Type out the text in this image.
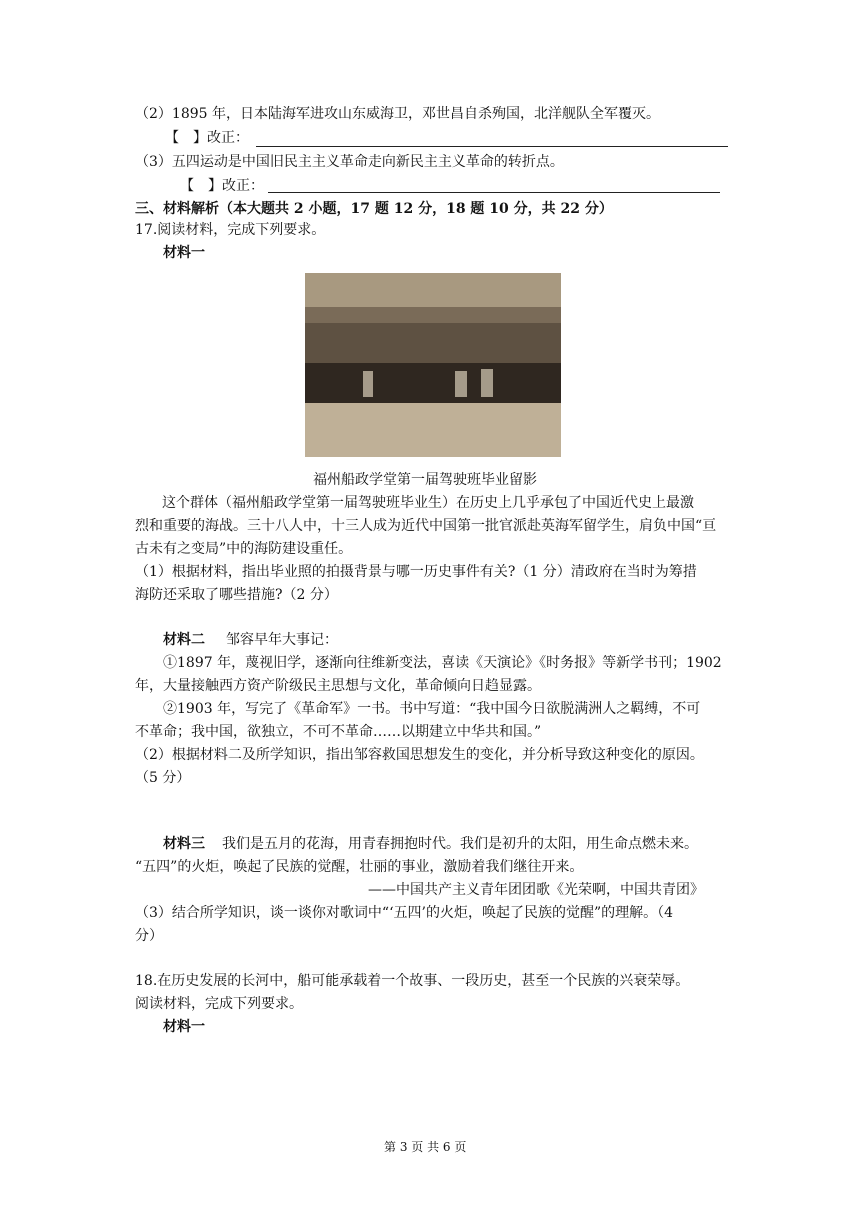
（2）1895 年，日本陆海军进攻山东威海卫，邓世昌自杀殉国，北洋舰队全军覆灭。
【　】改正：
（3）五四运动是中国旧民主主义革命走向新民主主义革命的转折点。
【　】改正：
三、材料解析（本大题共 2 小题，17 题 12 分，18 题 10 分，共 22 分）
17.阅读材料，完成下列要求。
材料一
福州船政学堂第一届驾驶班毕业留影
这个群体（福州船政学堂第一届驾驶班毕业生）在历史上几乎承包了中国近代史上最激
烈和重要的海战。三十八人中，十三人成为近代中国第一批官派赴英海军留学生，肩负中国“亘
古未有之变局”中的海防建设重任。
（1）根据材料，指出毕业照的拍摄背景与哪一历史事件有关?（1 分）清政府在当时为筹措
海防还采取了哪些措施?（2 分）
材料二 邹容早年大事记：
①1897 年，蔑视旧学，逐渐向往维新变法，喜读《天演论》《时务报》等新学书刊；1902
年，大量接触西方资产阶级民主思想与文化，革命倾向日趋显露。
②1903 年，写完了《革命军》一书。书中写道：“我中国今日欲脱满洲人之羁缚，不可
不革命；我中国，欲独立，不可不革命……以期建立中华共和国。”
（2）根据材料二及所学知识，指出邹容救国思想发生的变化，并分析导致这种变化的原因。
（5 分）
材料三 我们是五月的花海，用青春拥抱时代。我们是初升的太阳，用生命点燃未来。
“五四”的火炬，唤起了民族的觉醒，壮丽的事业，激励着我们继往开来。
——中国共产主义青年团团歌《光荣啊，中国共青团》
（3）结合所学知识，谈一谈你对歌词中“‘五四’的火炬，唤起了民族的觉醒”的理解。（4
分）
18.在历史发展的长河中，船可能承载着一个故事、一段历史，甚至一个民族的兴衰荣辱。
阅读材料，完成下列要求。
材料一
第 3 页 共 6 页
